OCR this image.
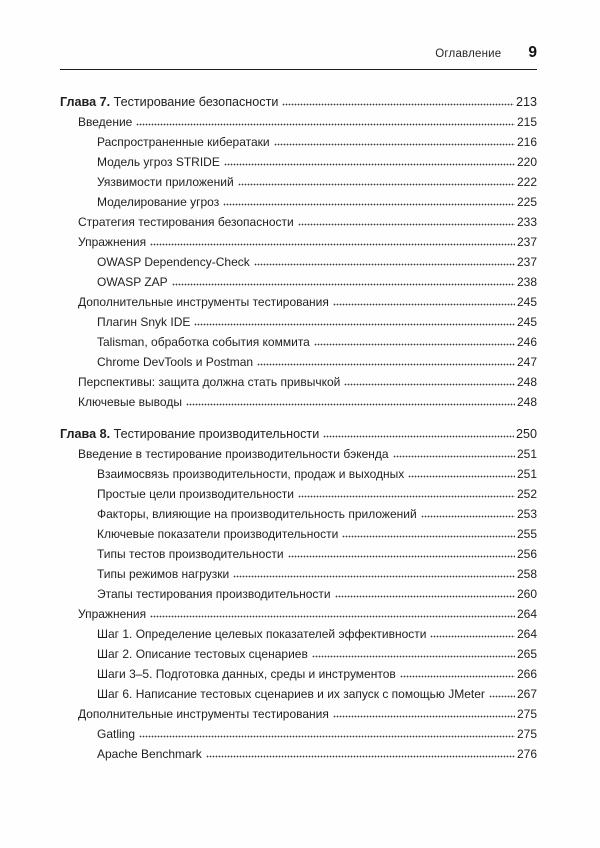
Оглавление 9
Глава 7. Тестирование безопасности	213
Введение	215
Распространенные кибератаки	216
Модель угроз STRIDE	220
Уязвимости приложений	222
Моделирование угроз	225
Стратегия тестирования безопасности	233
Упражнения	237
OWASP Dependency-Check	237
OWASP ZAP	238
Дополнительные инструменты тестирования	245
Плагин Snyk IDE	245
Talisman, обработка события коммита	246
Chrome DevTools и Postman	247
Перспективы: защита должна стать привычкой	248
Ключевые выводы	248
Глава 8. Тестирование производительности	250
Введение в тестирование производительности бэкенда	251
Взаимосвязь производительности, продаж и выходных	251
Простые цели производительности	252
Факторы, влияющие на производительность приложений	253
Ключевые показатели производительности	255
Типы тестов производительности	256
Типы режимов нагрузки	258
Этапы тестирования производительности	260
Упражнения	264
Шаг 1. Определение целевых показателей эффективности	264
Шаг 2. Описание тестовых сценариев	265
Шаги 3–5. Подготовка данных, среды и инструментов	266
Шаг 6. Написание тестовых сценариев и их запуск с помощью JMeter	267
Дополнительные инструменты тестирования	275
Gatling	275
Apache Benchmark	276
